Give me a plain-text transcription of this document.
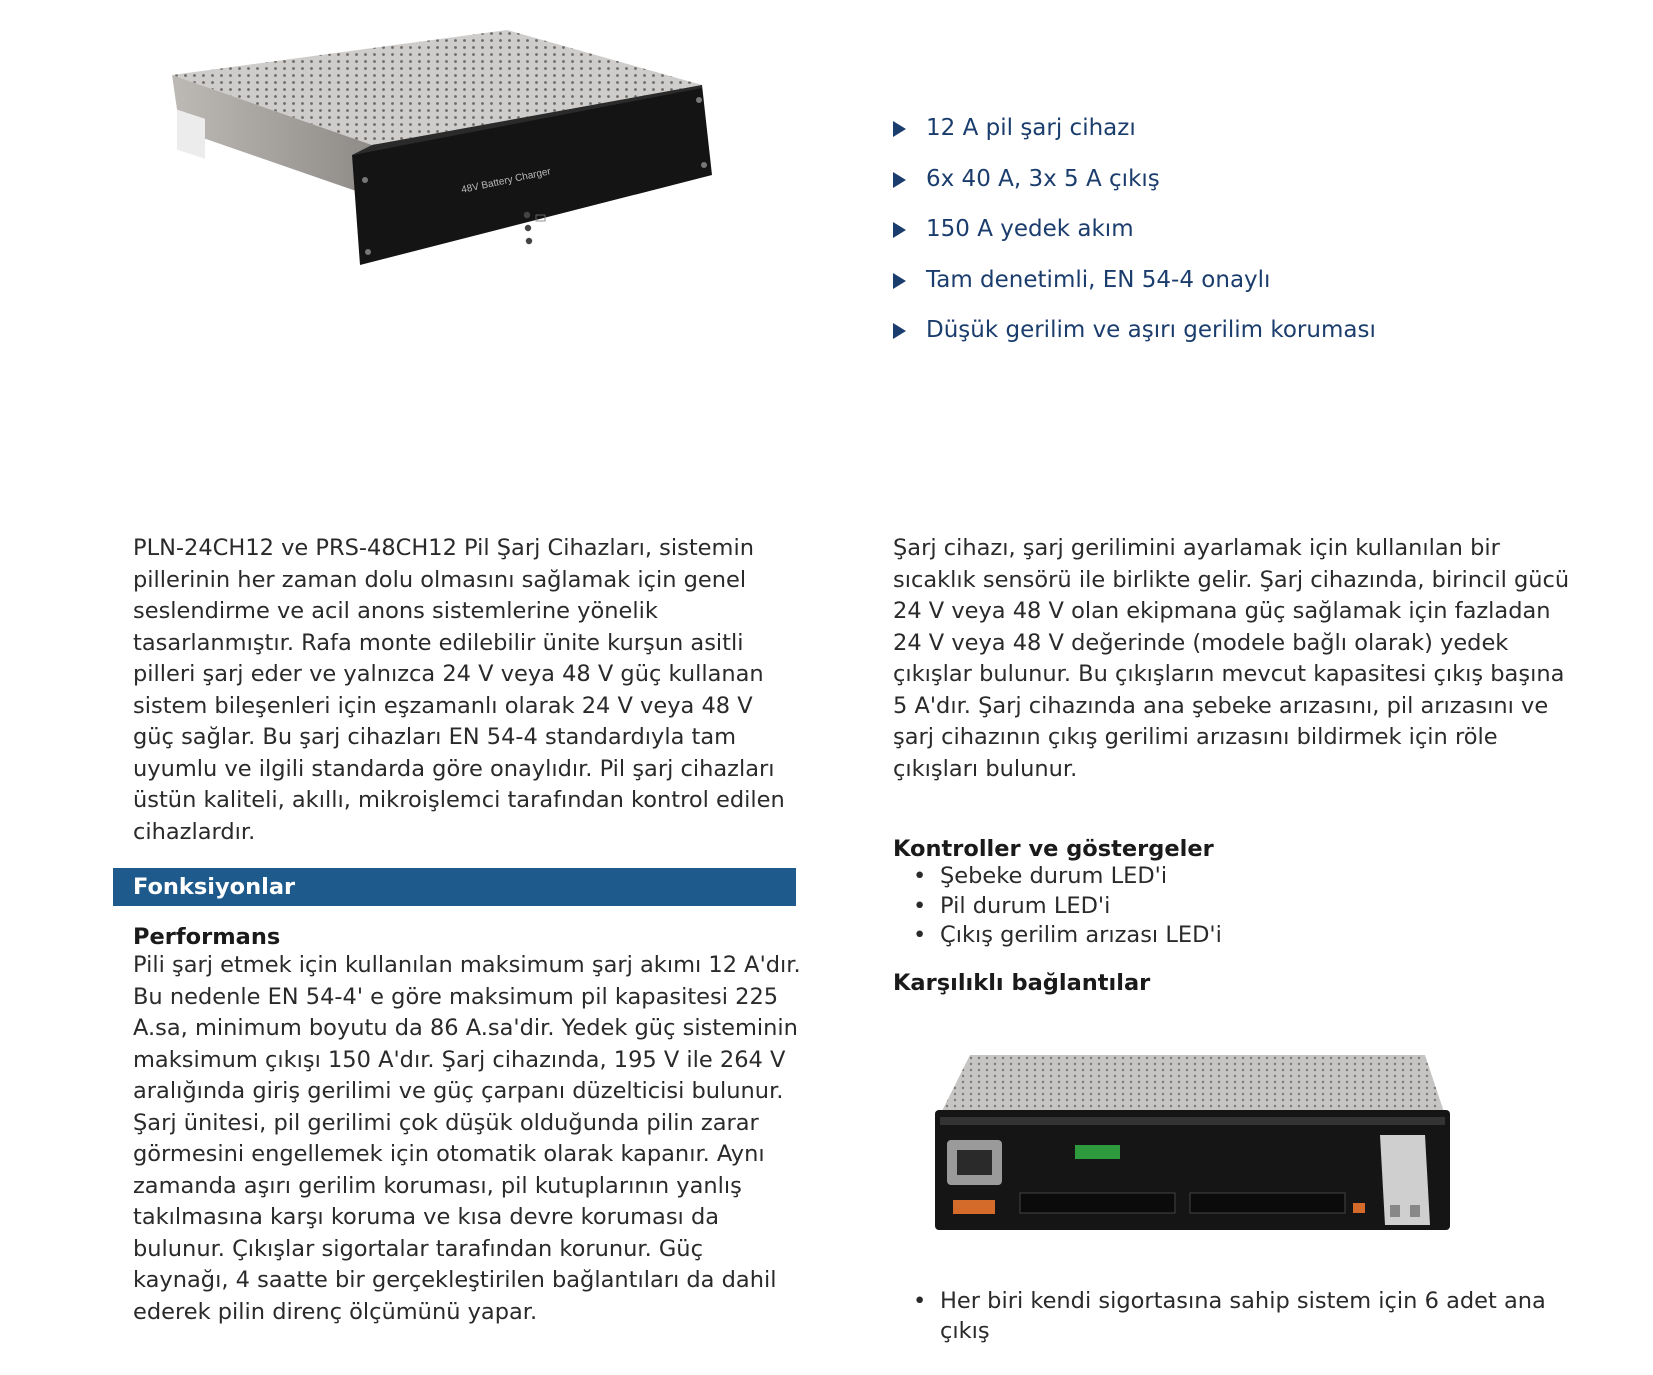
48V Battery Charger
12 A pil şarj cihazı
6x 40 A, 3x 5 A çıkış
150 A yedek akım
Tam denetimli, EN 54-4 onaylı
Düşük gerilim ve aşırı gerilim koruması

PLN-24CH12 ve PRS-48CH12 Pil Şarj Cihazları, sistemin pillerinin her zaman dolu olmasını sağlamak için genel seslendirme ve acil anons sistemlerine yönelik tasarlanmıştır. Rafa monte edilebilir ünite kurşun asitli pilleri şarj eder ve yalnızca 24 V veya 48 V güç kullanan sistem bileşenleri için eşzamanlı olarak 24 V veya 48 V güç sağlar. Bu şarj cihazları EN 54-4 standardıyla tam uyumlu ve ilgili standarda göre onaylıdır. Pil şarj cihazları üstün kaliteli, akıllı, mikroişlemci tarafından kontrol edilen cihazlardır.

Fonksiyonlar
Performans

Pili şarj etmek için kullanılan maksimum şarj akımı 12 A'dır. Bu nedenle EN 54-4' e göre maksimum pil kapasitesi 225 A.sa, minimum boyutu da 86 A.sa'dir. Yedek güç sisteminin maksimum çıkışı 150 A'dır. Şarj cihazında, 195 V ile 264 V aralığında giriş gerilimi ve güç çarpanı düzelticisi bulunur. Şarj ünitesi, pil gerilimi çok düşük olduğunda pilin zarar görmesini engellemek için otomatik olarak kapanır. Aynı zamanda aşırı gerilim koruması, pil kutuplarının yanlış takılmasına karşı koruma ve kısa devre koruması da bulunur. Çıkışlar sigortalar tarafından korunur. Güç kaynağı, 4 saatte bir gerçekleştirilen bağlantıları da dahil ederek pilin direnç ölçümünü yapar.

Şarj cihazı, şarj gerilimini ayarlamak için kullanılan bir sıcaklık sensörü ile birlikte gelir. Şarj cihazında, birincil gücü 24 V veya 48 V olan ekipmana güç sağlamak için fazladan 24 V veya 48 V değerinde (modele bağlı olarak) yedek çıkışlar bulunur. Bu çıkışların mevcut kapasitesi çıkış başına 5 A'dır. Şarj cihazında ana şebeke arızasını, pil arızasını ve şarj cihazının çıkış gerilimi arızasını bildirmek için röle çıkışları bulunur.

Kontroller ve göstergeler
• Şebeke durum LED'i
• Pil durum LED'i
• Çıkış gerilim arızası LED'i
Karşılıklı bağlantılar
• Her biri kendi sigortasına sahip sistem için 6 adet ana çıkış
